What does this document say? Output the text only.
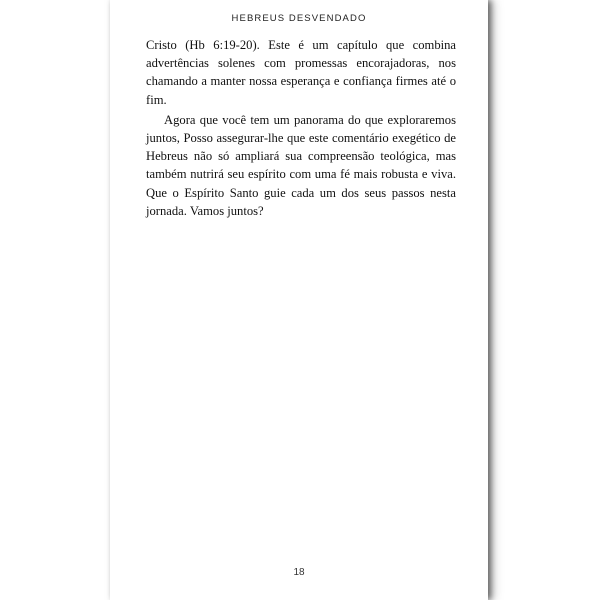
HEBREUS DESVENDADO

Cristo (Hb 6:19-20). Este é um capítulo que combina advertências solenes com promessas encorajadoras, nos chamando a manter nossa esperança e confiança firmes até o fim.

Agora que você tem um panorama do que exploraremos juntos, Posso assegurar-lhe que este comentário exegético de Hebreus não só ampliará sua compreensão teológica, mas também nutrirá seu espírito com uma fé mais robusta e viva. Que o Espírito Santo guie cada um dos seus passos nesta jornada. Vamos juntos?

18
